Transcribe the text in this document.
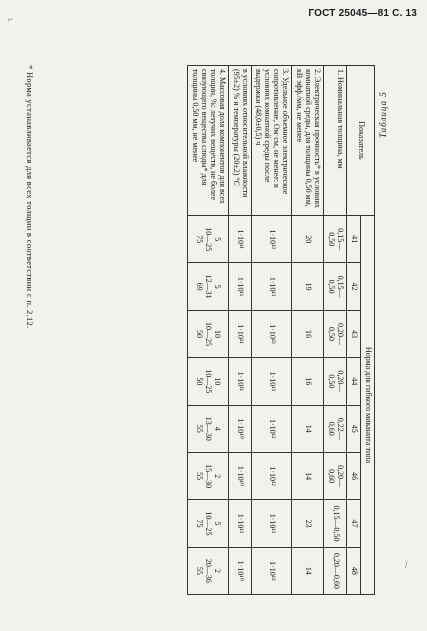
ГОСТ 25045—81 С. 13
⌐
/
Таблица 5
Показатель	Норма для гибкого миканита типа							
	41	42	43	44	45	46	47	48
1. Номинальная толщина, мм	0,15—
0,50	0,15—
0,50	0,20—
0,50	0,20—
0,50	0,22—
0,60	0,20—
0,60	0,15—0,50	0,20—0,60
2. Электрическая прочность* в условиях комнатной среды, для толщины 0,50 мм, кВ эфф./мм, не менее	20	19	16	16	14	14	23	14
3. Удельное объемное электрическое сопротивление, Ом·см, не менее: в условиях комнатной среды после выдержки (48,0±0,5) ч	1·10¹³	1·10¹³	1·10¹³	1·10¹³	1·10¹²	1·10¹²	1·10¹³	1·10¹²
в условиях относительной влажности (95±2) % и температуры (20±2) °С	1·10¹¹	1·10¹¹	1·10¹¹	1·10¹¹	1·10¹⁰	1·10¹⁰	1·10¹³	1·10¹⁰
4. Массовая доля компонентов для всех толщин, %: летучих веществ, не более связующего вещества слюды* для толщины 0,50 мм, не менее	5
10—25
75	5
12—31
69	10
10—25
50	10
10—25
50	4
13—30
55	2
15—30
55	5
10—25
75	2
20—36
55
* Норма устанавливается для всех толщин в соответствии с п. 2.12.
